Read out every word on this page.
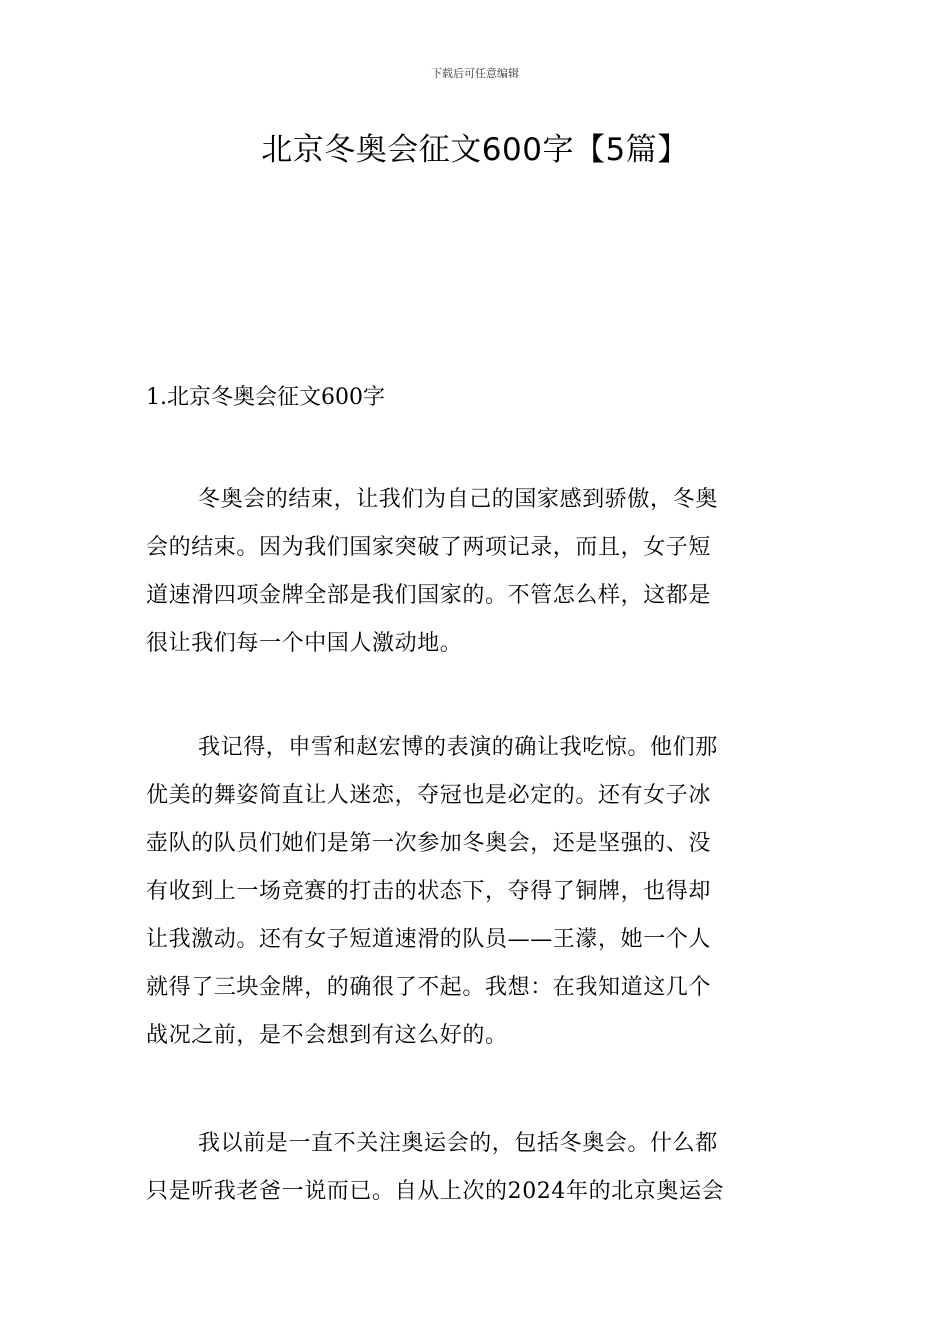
下载后可任意编辑
北京冬奥会征文600字【5篇】
1.北京冬奥会征文600字
冬奥会的结束，让我们为自己的国家感到骄傲，冬奥
会的结束。因为我们国家突破了两项记录，而且，女子短
道速滑四项金牌全部是我们国家的。不管怎么样，这都是
很让我们每一个中国人激动地。
我记得，申雪和赵宏博的表演的确让我吃惊。他们那
优美的舞姿简直让人迷恋，夺冠也是必定的。还有女子冰
壶队的队员们她们是第一次参加冬奥会，还是坚强的、没
有收到上一场竞赛的打击的状态下，夺得了铜牌，也得却
让我激动。还有女子短道速滑的队员——王濛，她一个人
就得了三块金牌，的确很了不起。我想：在我知道这几个
战况之前，是不会想到有这么好的。
我以前是一直不关注奥运会的，包括冬奥会。什么都
只是听我老爸一说而已。自从上次的2024年的北京奥运会
